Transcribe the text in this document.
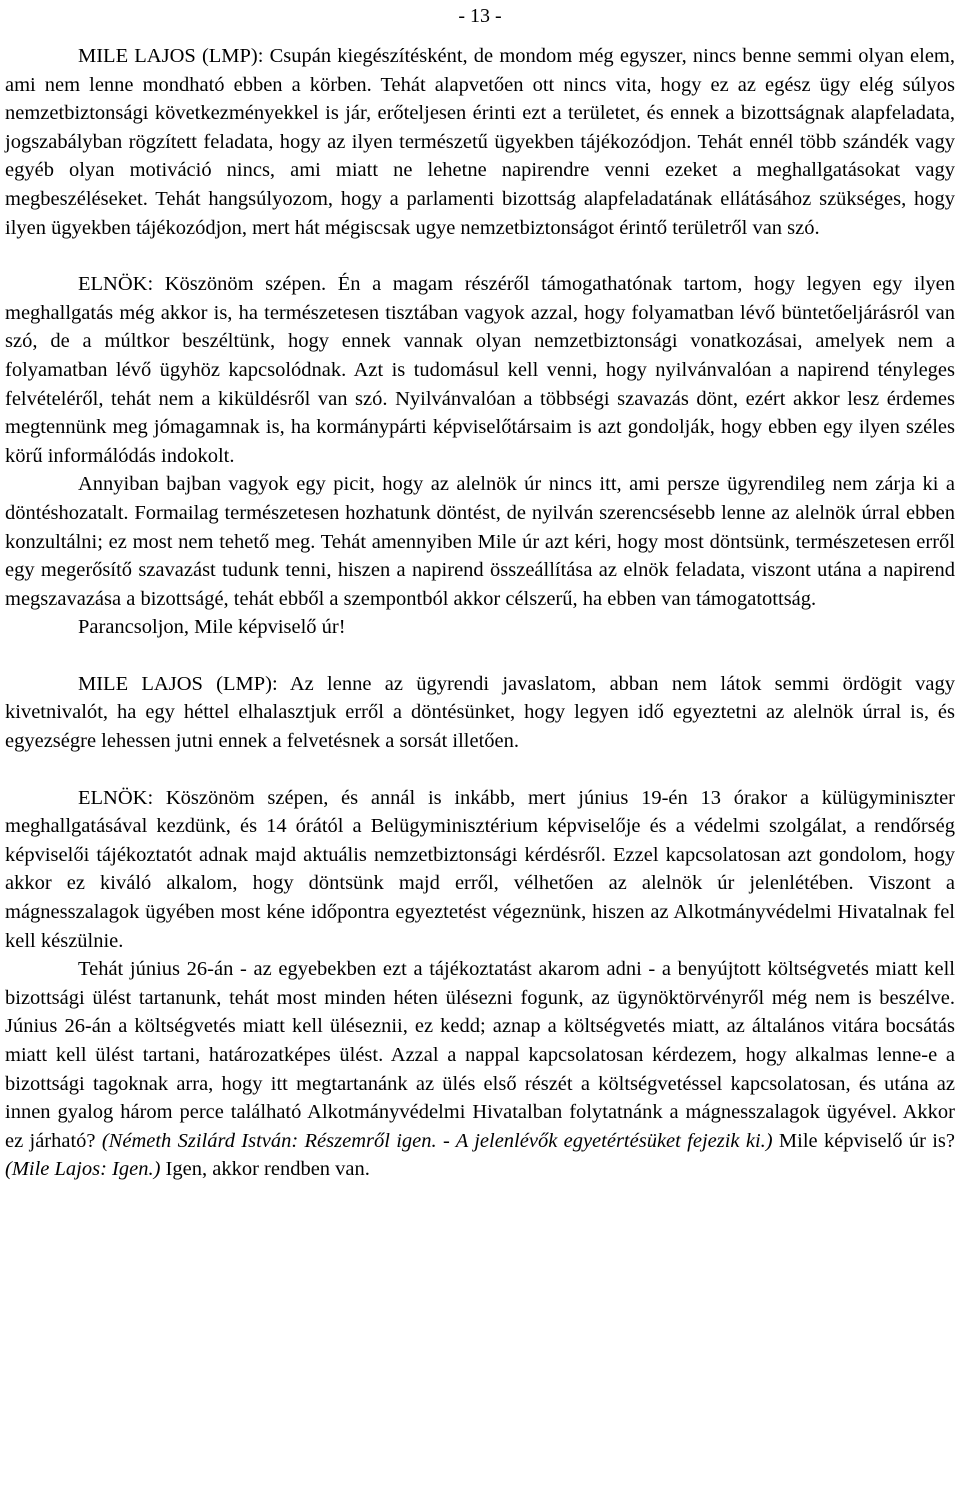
- 13 -

MILE LAJOS (LMP): Csupán kiegészítésként, de mondom még egyszer, nincs benne semmi olyan elem, ami nem lenne mondható ebben a körben. Tehát alapvetően ott nincs vita, hogy ez az egész ügy elég súlyos nemzetbiztonsági következményekkel is jár, erőteljesen érinti ezt a területet, és ennek a bizottságnak alapfeladata, jogszabályban rögzített feladata, hogy az ilyen természetű ügyekben tájékozódjon. Tehát ennél több szándék vagy egyéb olyan motiváció nincs, ami miatt ne lehetne napirendre venni ezeket a meghallgatásokat vagy megbeszéléseket. Tehát hangsúlyozom, hogy a parlamenti bizottság alapfeladatának ellátásához szükséges, hogy ilyen ügyekben tájékozódjon, mert hát mégiscsak ugye nemzetbiztonságot érintő területről van szó.

ELNÖK: Köszönöm szépen. Én a magam részéről támogathatónak tartom, hogy legyen egy ilyen meghallgatás még akkor is, ha természetesen tisztában vagyok azzal, hogy folyamatban lévő büntetőeljárásról van szó, de a múltkor beszéltünk, hogy ennek vannak olyan nemzetbiztonsági vonatkozásai, amelyek nem a folyamatban lévő ügyhöz kapcsolódnak. Azt is tudomásul kell venni, hogy nyilvánvalóan a napirend tényleges felvételéről, tehát nem a kiküldésről van szó. Nyilvánvalóan a többségi szavazás dönt, ezért akkor lesz érdemes megtennünk meg jómagamnak is, ha kormánypárti képviselőtársaim is azt gondolják, hogy ebben egy ilyen széles körű informálódás indokolt.

Annyiban bajban vagyok egy picit, hogy az alelnök úr nincs itt, ami persze ügyrendileg nem zárja ki a döntéshozatalt. Formailag természetesen hozhatunk döntést, de nyilván szerencsésebb lenne az alelnök úrral ebben konzultálni; ez most nem tehető meg. Tehát amennyiben Mile úr azt kéri, hogy most döntsünk, természetesen erről egy megerősítő szavazást tudunk tenni, hiszen a napirend összeállítása az elnök feladata, viszont utána a napirend megszavazása a bizottságé, tehát ebből a szempontból akkor célszerű, ha ebben van támogatottság.

Parancsoljon, Mile képviselő úr!

MILE LAJOS (LMP): Az lenne az ügyrendi javaslatom, abban nem látok semmi ördögit vagy kivetnivalót, ha egy héttel elhalasztjuk erről a döntésünket, hogy legyen idő egyeztetni az alelnök úrral is, és egyezségre lehessen jutni ennek a felvetésnek a sorsát illetően.

ELNÖK: Köszönöm szépen, és annál is inkább, mert június 19-én 13 órakor a külügyminiszter meghallgatásával kezdünk, és 14 órától a Belügyminisztérium képviselője és a védelmi szolgálat, a rendőrség képviselői tájékoztatót adnak majd aktuális nemzetbiztonsági kérdésről. Ezzel kapcsolatosan azt gondolom, hogy akkor ez kiváló alkalom, hogy döntsünk majd erről, vélhetően az alelnök úr jelenlétében. Viszont a mágnesszalagok ügyében most kéne időpontra egyeztetést végeznünk, hiszen az Alkotmányvédelmi Hivatalnak fel kell készülnie.

Tehát június 26-án - az egyebekben ezt a tájékoztatást akarom adni - a benyújtott költségvetés miatt kell bizottsági ülést tartanunk, tehát most minden héten ülésezni fogunk, az ügynöktörvényről még nem is beszélve. Június 26-án a költségvetés miatt kell üléseznii, ez kedd; aznap a költségvetés miatt, az általános vitára bocsátás miatt kell ülést tartani, határozatképes ülést. Azzal a nappal kapcsolatosan kérdezem, hogy alkalmas lenne-e a bizottsági tagoknak arra, hogy itt megtartanánk az ülés első részét a költségvetéssel kapcsolatosan, és utána az innen gyalog három perce található Alkotmányvédelmi Hivatalban folytatnánk a mágnesszalagok ügyével. Akkor ez járható? (Németh Szilárd István: Részemről igen. - A jelenlévők egyetértésüket fejezik ki.) Mile képviselő úr is? (Mile Lajos: Igen.) Igen, akkor rendben van.
